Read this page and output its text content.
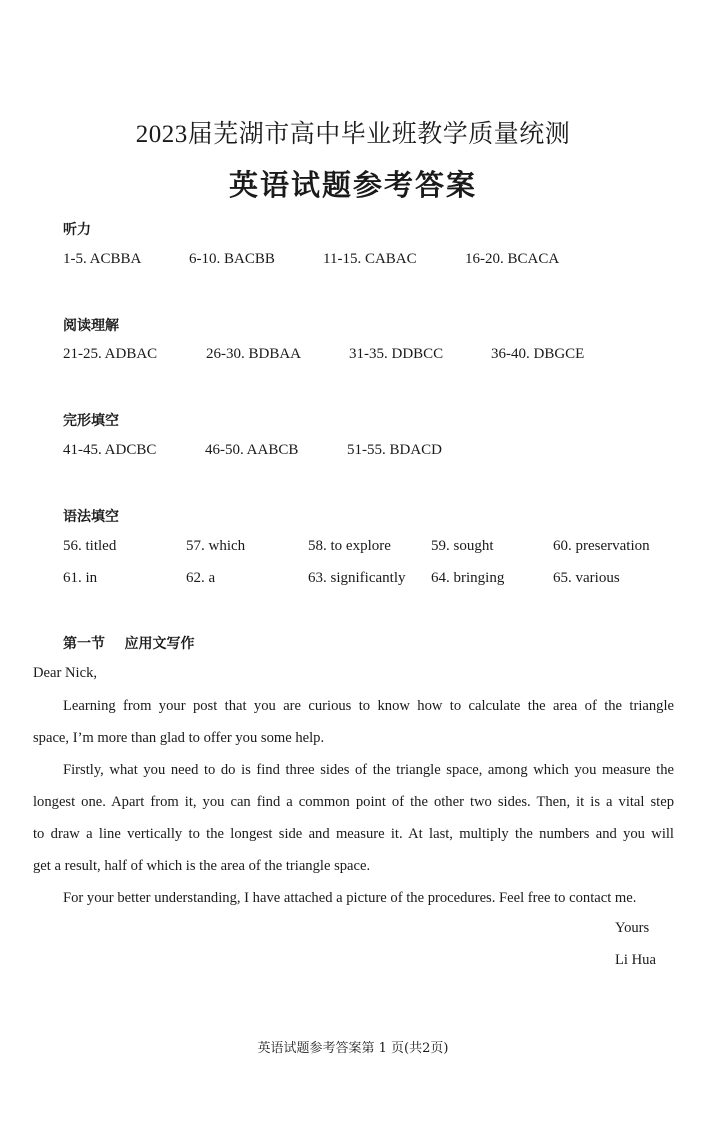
2023届芜湖市高中毕业班教学质量统测
英语试题参考答案
听力
1-5. ACBBA	6-10. BACBB	11-15. CABAC	16-20. BCACA
阅读理解
21-25. ADBAC	26-30. BDBAA	31-35. DDBCC	36-40. DBGCE
完形填空
41-45. ADCBC	46-50. AABCB	51-55. BDACD
语法填空
56. titled	57. which	58. to explore	59. sought	60. preservation
61. in	62. a	63. significantly 64. bringing	65. various
第一节    应用文写作
Dear Nick,
Learning from your post that you are curious to know how to calculate the area of the triangle
space, I’m more than glad to offer you some help.
Firstly, what you need to do is find three sides of the triangle space, among which you measure the
longest one. Apart from it, you can find a common point of the other two sides. Then, it is a vital step
to draw a line vertically to the longest side and measure it. At last, multiply the numbers and you will
get a result, half of which is the area of the triangle space.
For your better understanding, I have attached a picture of the procedures. Feel free to contact me.
Yours
Li Hua
英语试题参考答案第 1 页(共2页)
